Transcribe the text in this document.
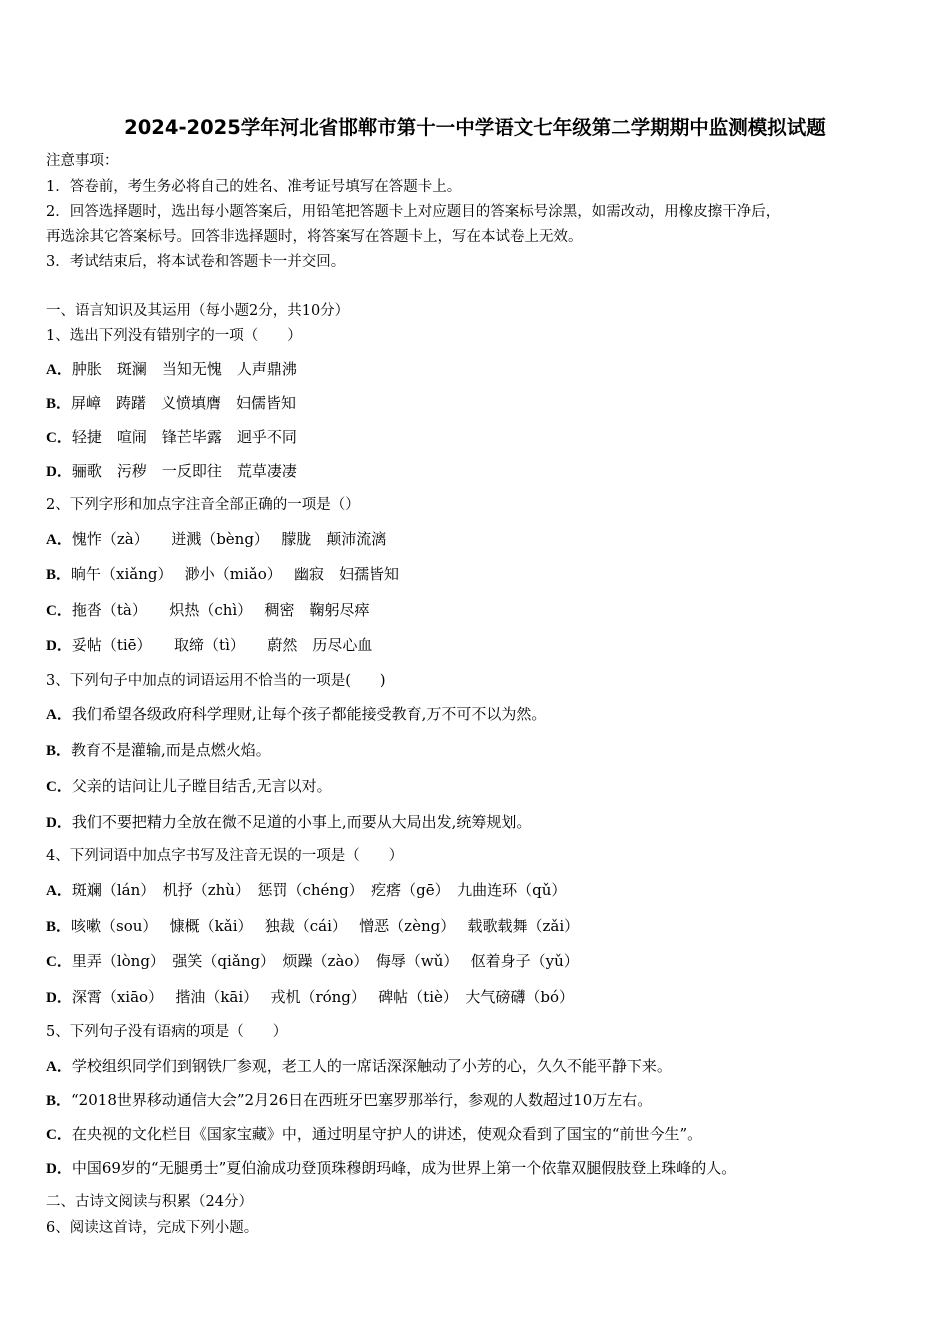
2024-2025学年河北省邯郸市第十一中学语文七年级第二学期期中监测模拟试题
注意事项：
1．答卷前，考生务必将自己的姓名、准考证号填写在答题卡上。
2．回答选择题时，选出每小题答案后，用铅笔把答题卡上对应题目的答案标号涂黑，如需改动，用橡皮擦干净后，
再选涂其它答案标号。回答非选择题时，将答案写在答题卡上，写在本试卷上无效。
3．考试结束后，将本试卷和答题卡一并交回。
一、语言知识及其运用（每小题2分，共10分）
1、选出下列没有错别字的一项（　　）
A．肿胀　斑澜　当知无愧　人声鼎沸
B．屏嶂　踌躇　义愤填膺　妇儒皆知
C．轻捷　喧闹　锋芒毕露　迥乎不同
D．骊歌　污秽　一反即往　荒草凄凄
2、下列字形和加点字注音全部正确的一项是（）
A．愧怍（zà）　　迸溅（bèng）　 朦胧　颠沛流漓
B．晌午（xiǎng）　 渺小（miǎo）　 幽寂　妇孺皆知
C．拖沓（tà）　　炽热（chì）　 稠密　鞠躬尽瘁
D．妥帖（tiē）　　取缔（tì）　　蔚然　历尽心血
3、下列句子中加点的词语运用不恰当的一项是(　　)
A．我们希望各级政府科学理财,让每个孩子都能接受教育,万不可不以为然。
B．教育不是灌输,而是点燃火焰。
C．父亲的诘问让儿子瞠目结舌,无言以对。
D．我们不要把精力全放在微不足道的小事上,而要从大局出发,统筹规划。
4、下列词语中加点字书写及注音无误的一项是（　　）
A．斑斓（lán）　机抒（zhù）　惩罚（chéng）　疙瘩（gē）　九曲连环（qǔ）
B．咳嗽（sou）　 慷概（kǎi）　 独裁（cái）　 憎恶（zèng）　 载歌载舞（zǎi）
C．里弄（lòng）　强笑（qiǎng）　烦躁（zào）　侮辱（wǔ）　 伛着身子（yǔ）
D．深霄（xiāo）　 揩油（kāi）　 戎机（róng）　 碑帖（tiè）　大气磅礴（bó）
5、下列句子没有语病的项是（　　）
A．学校组织同学们到钢铁厂参观，老工人的一席话深深触动了小芳的心，久久不能平静下来。
B．“2018世界移动通信大会”2月26日在西班牙巴塞罗那举行，参观的人数超过10万左右。
C．在央视的文化栏目《国家宝藏》中，通过明星守护人的讲述，使观众看到了国宝的“前世今生”。
D．中国69岁的“无腿勇士”夏伯渝成功登顶珠穆朗玛峰，成为世界上第一个依靠双腿假肢登上珠峰的人。
二、古诗文阅读与积累（24分）
6、阅读这首诗，完成下列小题。
